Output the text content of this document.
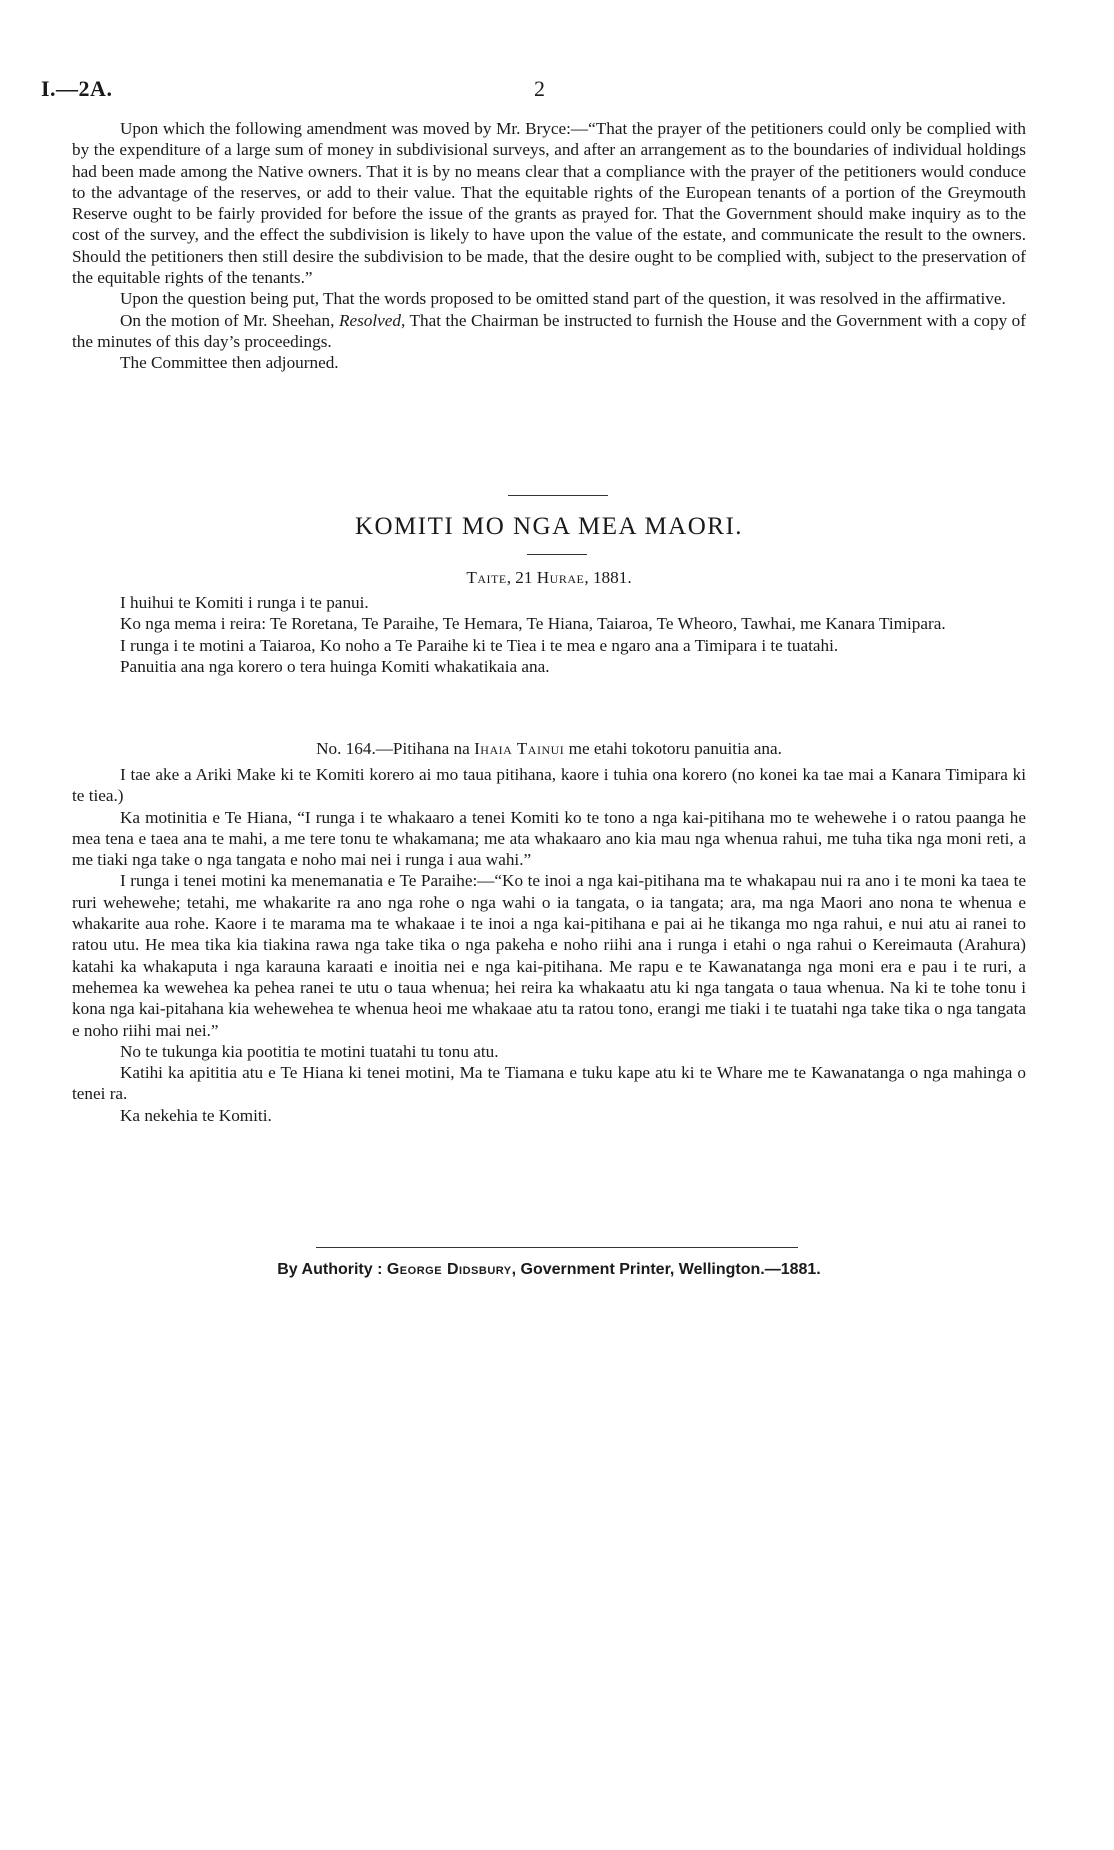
I.—2A.	2

Upon which the following amendment was moved by Mr. Bryce:—“That the prayer of the petitioners could only be complied with by the expenditure of a large sum of money in subdivisional surveys, and after an arrangement as to the boundaries of individual holdings had been made among the Native owners. That it is by no means clear that a compliance with the prayer of the petitioners would conduce to the advantage of the reserves, or add to their value. That the equitable rights of the European tenants of a portion of the Greymouth Reserve ought to be fairly provided for before the issue of the grants as prayed for. That the Government should make inquiry as to the cost of the survey, and the effect the subdivision is likely to have upon the value of the estate, and communicate the result to the owners. Should the petitioners then still desire the subdivision to be made, that the desire ought to be complied with, subject to the preservation of the equitable rights of the tenants.”

Upon the question being put, That the words proposed to be omitted stand part of the question, it was resolved in the affirmative.

On the motion of Mr. Sheehan, Resolved, That the Chairman be instructed to furnish the House and the Government with a copy of the minutes of this day’s proceedings.

The Committee then adjourned.

KOMITI MO NGA MEA MAORI.
Taite, 21 Hurae, 1881.

I huihui te Komiti i runga i te panui.

Ko nga mema i reira: Te Roretana, Te Paraihe, Te Hemara, Te Hiana, Taiaroa, Te Wheoro, Tawhai, me Kanara Timipara.

I runga i te motini a Taiaroa, Ko noho a Te Paraihe ki te Tiea i te mea e ngaro ana a Timipara i te tuatahi.

Panuitia ana nga korero o tera huinga Komiti whakatikaia ana.

No. 164.—Pitihana na Ihaia Tainui me etahi tokotoru panuitia ana.

I tae ake a Ariki Make ki te Komiti korero ai mo taua pitihana, kaore i tuhia ona korero (no konei ka tae mai a Kanara Timipara ki te tiea.)

Ka motinitia e Te Hiana, “I runga i te whakaaro a tenei Komiti ko te tono a nga kai-pitihana mo te wehewehe i o ratou paanga he mea tena e taea ana te mahi, a me tere tonu te whakamana; me ata whakaaro ano kia mau nga whenua rahui, me tuha tika nga moni reti, a me tiaki nga take o nga tangata e noho mai nei i runga i aua wahi.”

I runga i tenei motini ka menemanatia e Te Paraihe:—“Ko te inoi a nga kai-pitihana ma te whakapau nui ra ano i te moni ka taea te ruri wehewehe; tetahi, me whakarite ra ano nga rohe o nga wahi o ia tangata, o ia tangata; ara, ma nga Maori ano nona te whenua e whakarite aua rohe. Kaore i te marama ma te whakaae i te inoi a nga kai-pitihana e pai ai he tikanga mo nga rahui, e nui atu ai ranei to ratou utu. He mea tika kia tiakina rawa nga take tika o nga pakeha e noho riihi ana i runga i etahi o nga rahui o Kereimauta (Arahura) katahi ka whakaputa i nga karauna karaati e inoitia nei e nga kai-pitihana. Me rapu e te Kawanatanga nga moni era e pau i te ruri, a mehemea ka wewehea ka pehea ranei te utu o taua whenua; hei reira ka whakaatu atu ki nga tangata o taua whenua. Na ki te tohe tonu i kona nga kai-pitahana kia wehewehea te whenua heoi me whakaae atu ta ratou tono, erangi me tiaki i te tuatahi nga take tika o nga tangata e noho riihi mai nei.”

No te tukunga kia pootitia te motini tuatahi tu tonu atu.

Katihi ka apititia atu e Te Hiana ki tenei motini, Ma te Tiamana e tuku kape atu ki te Whare me te Kawanatanga o nga mahinga o tenei ra.

Ka nekehia te Komiti.

By Authority : George Didsbury, Government Printer, Wellington.—1881.
